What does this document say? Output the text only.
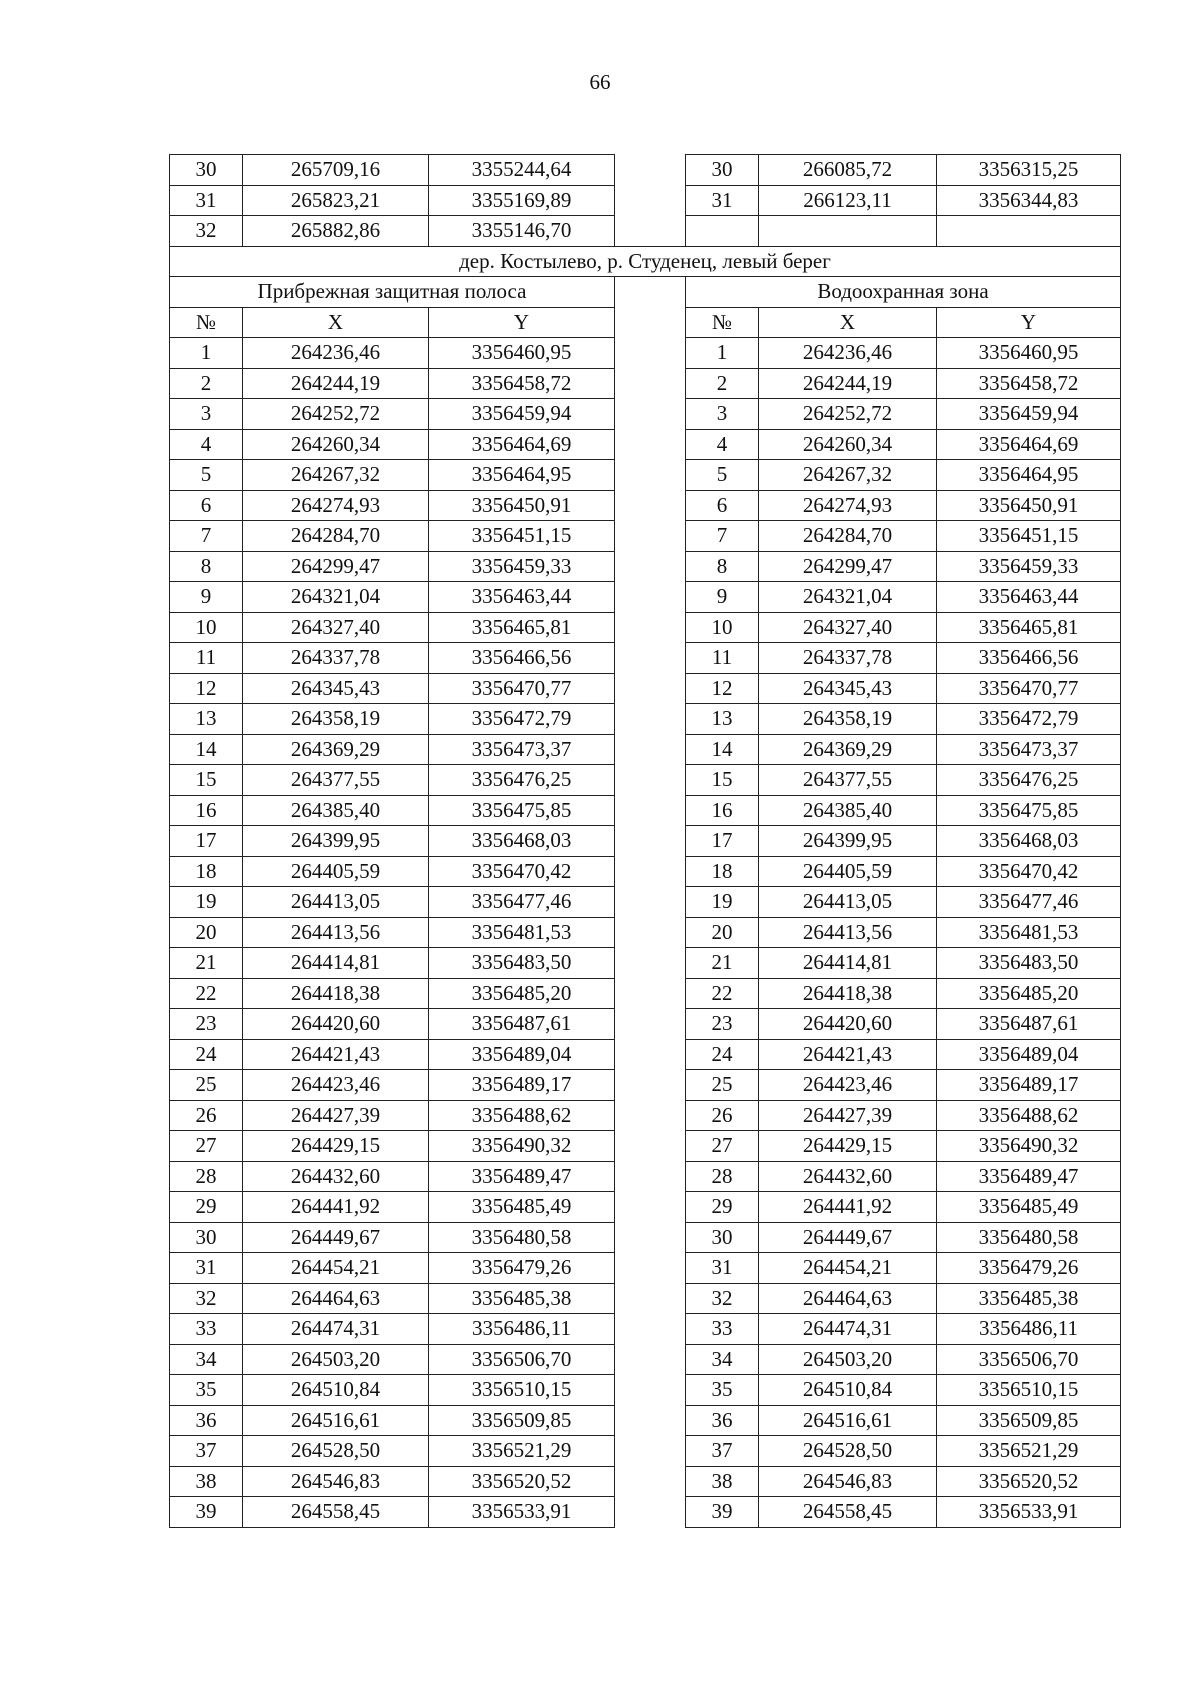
66
30	265709,16	3355244,64		30	266085,72	3356315,25
31	265823,21	3355169,89		31	266123,11	3356344,83
32	265882,86	3355146,70				
дер. Костылево, р. Студенец, левый берег						
Прибрежная защитная полоса				Водоохранная зона		
№	X	Y		№	X	Y
1	264236,46	3356460,95		1	264236,46	3356460,95
2	264244,19	3356458,72		2	264244,19	3356458,72
3	264252,72	3356459,94		3	264252,72	3356459,94
4	264260,34	3356464,69		4	264260,34	3356464,69
5	264267,32	3356464,95		5	264267,32	3356464,95
6	264274,93	3356450,91		6	264274,93	3356450,91
7	264284,70	3356451,15		7	264284,70	3356451,15
8	264299,47	3356459,33		8	264299,47	3356459,33
9	264321,04	3356463,44		9	264321,04	3356463,44
10	264327,40	3356465,81		10	264327,40	3356465,81
11	264337,78	3356466,56		11	264337,78	3356466,56
12	264345,43	3356470,77		12	264345,43	3356470,77
13	264358,19	3356472,79		13	264358,19	3356472,79
14	264369,29	3356473,37		14	264369,29	3356473,37
15	264377,55	3356476,25		15	264377,55	3356476,25
16	264385,40	3356475,85		16	264385,40	3356475,85
17	264399,95	3356468,03		17	264399,95	3356468,03
18	264405,59	3356470,42		18	264405,59	3356470,42
19	264413,05	3356477,46		19	264413,05	3356477,46
20	264413,56	3356481,53		20	264413,56	3356481,53
21	264414,81	3356483,50		21	264414,81	3356483,50
22	264418,38	3356485,20		22	264418,38	3356485,20
23	264420,60	3356487,61		23	264420,60	3356487,61
24	264421,43	3356489,04		24	264421,43	3356489,04
25	264423,46	3356489,17		25	264423,46	3356489,17
26	264427,39	3356488,62		26	264427,39	3356488,62
27	264429,15	3356490,32		27	264429,15	3356490,32
28	264432,60	3356489,47		28	264432,60	3356489,47
29	264441,92	3356485,49		29	264441,92	3356485,49
30	264449,67	3356480,58		30	264449,67	3356480,58
31	264454,21	3356479,26		31	264454,21	3356479,26
32	264464,63	3356485,38		32	264464,63	3356485,38
33	264474,31	3356486,11		33	264474,31	3356486,11
34	264503,20	3356506,70		34	264503,20	3356506,70
35	264510,84	3356510,15		35	264510,84	3356510,15
36	264516,61	3356509,85		36	264516,61	3356509,85
37	264528,50	3356521,29		37	264528,50	3356521,29
38	264546,83	3356520,52		38	264546,83	3356520,52
39	264558,45	3356533,91		39	264558,45	3356533,91
